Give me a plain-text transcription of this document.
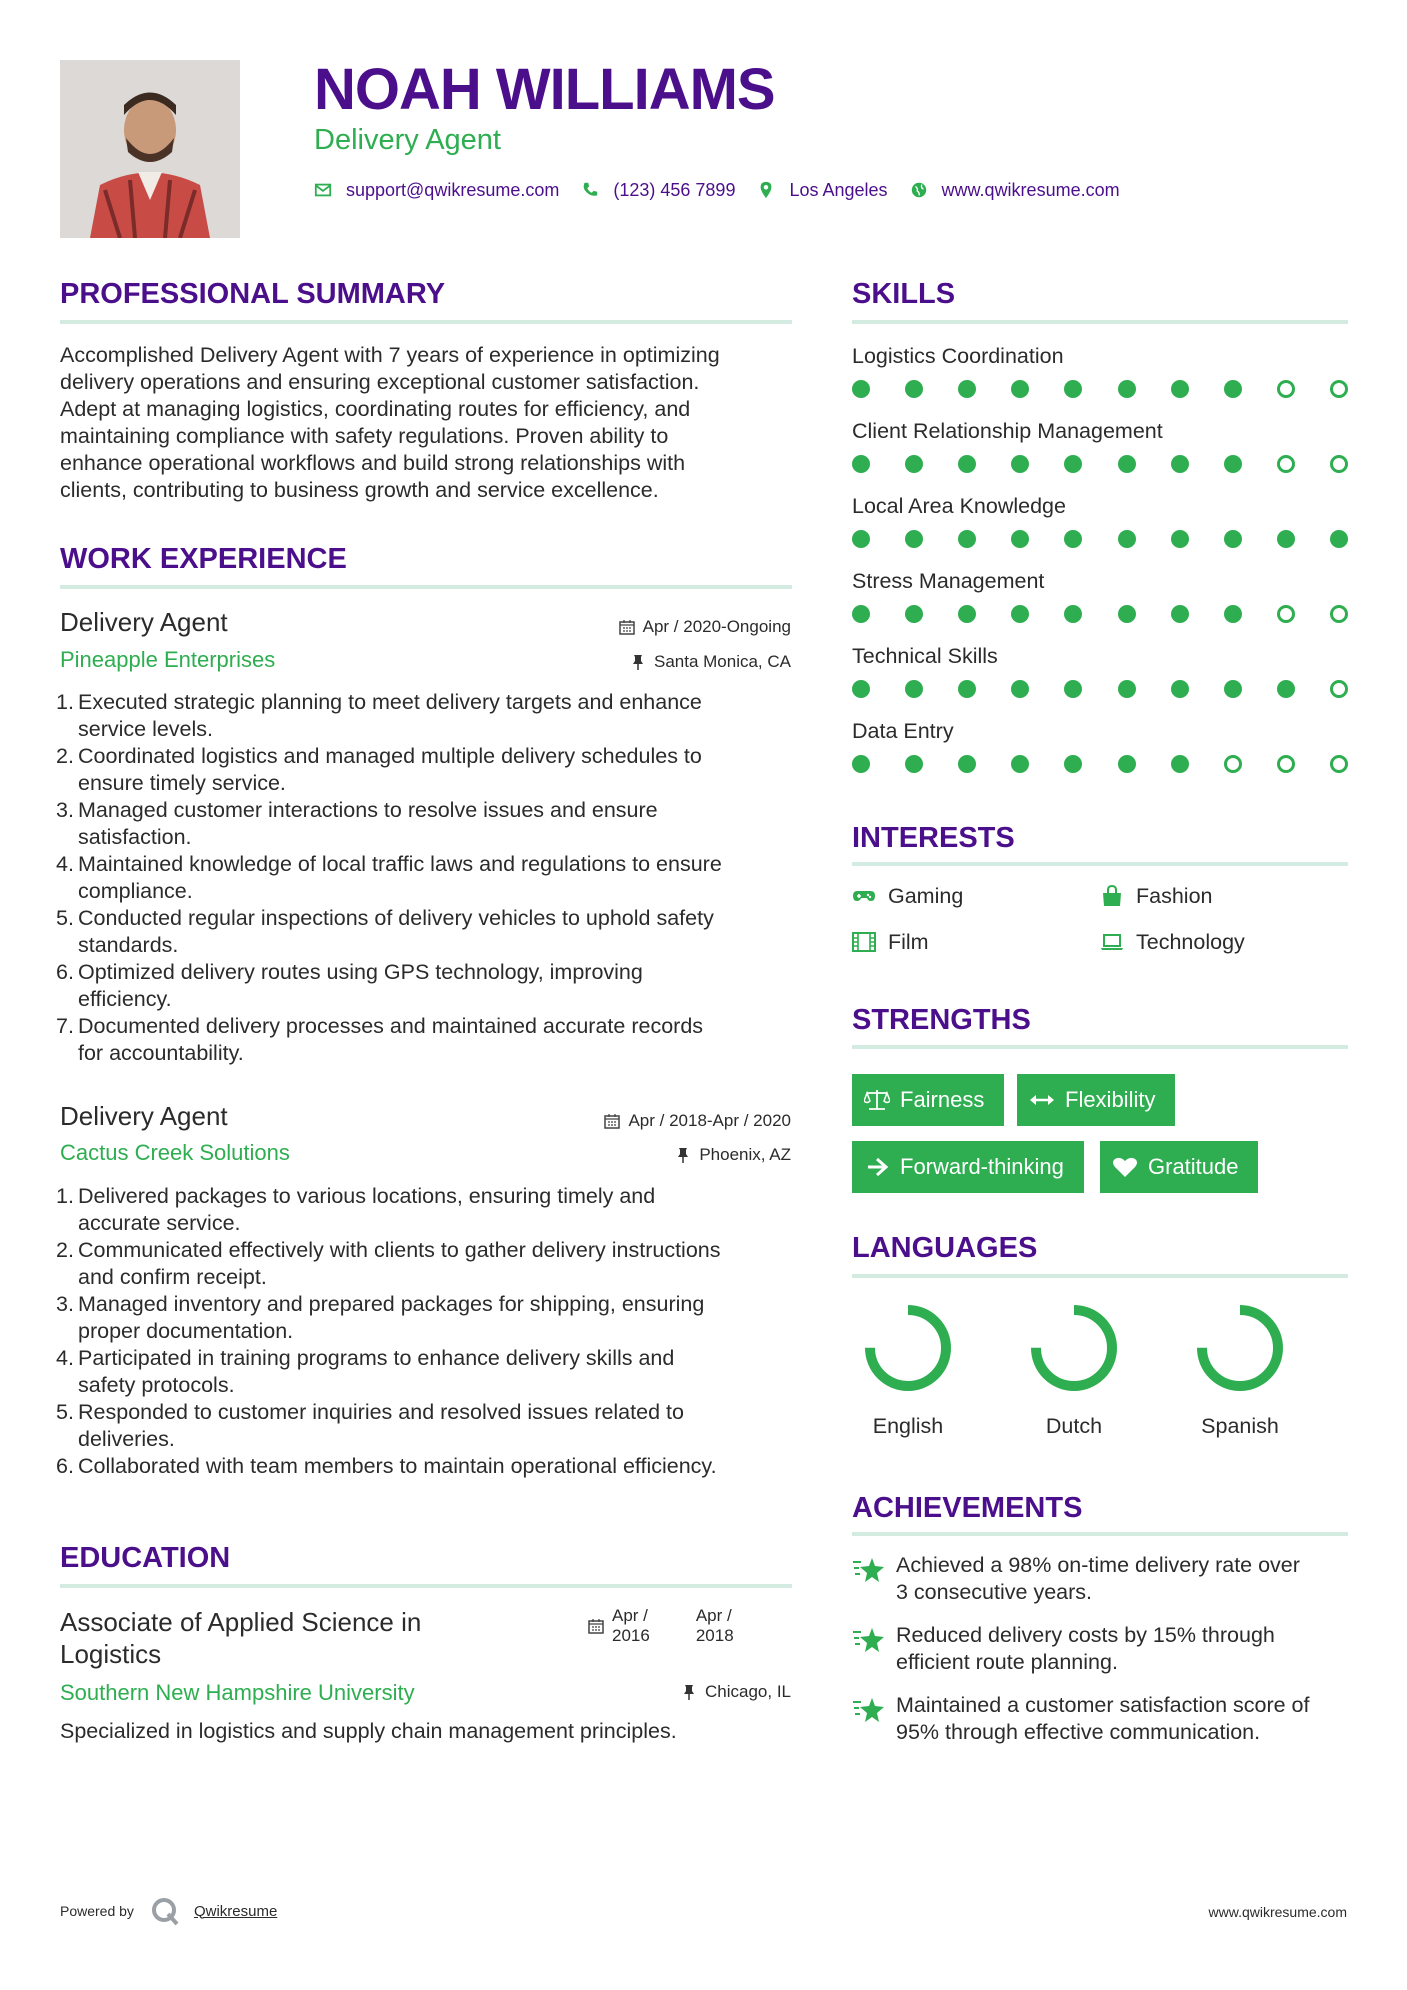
NOAH WILLIAMS
Delivery Agent
support@qwikresume.com	(123) 456 7899	Los Angeles	www.qwikresume.com
PROFESSIONAL SUMMARY
Accomplished Delivery Agent with 7 years of experience in optimizing
delivery operations and ensuring exceptional customer satisfaction.
Adept at managing logistics, coordinating routes for efficiency, and
maintaining compliance with safety regulations. Proven ability to
enhance operational workflows and build strong relationships with
clients, contributing to business growth and service excellence.
WORK EXPERIENCE
Delivery Agent
Pineapple Enterprises
Apr / 2020-Ongoing
Santa Monica, CA
1. Executed strategic planning to meet delivery targets and enhance
service levels.
2. Coordinated logistics and managed multiple delivery schedules to
ensure timely service.
3. Managed customer interactions to resolve issues and ensure
satisfaction.
4. Maintained knowledge of local traffic laws and regulations to ensure
compliance.
5. Conducted regular inspections of delivery vehicles to uphold safety
standards.
6. Optimized delivery routes using GPS technology, improving
efficiency.
7. Documented delivery processes and maintained accurate records
for accountability.
Delivery Agent
Cactus Creek Solutions
Apr / 2018-Apr / 2020
Phoenix, AZ
1. Delivered packages to various locations, ensuring timely and
accurate service.
2. Communicated effectively with clients to gather delivery instructions
and confirm receipt.
3. Managed inventory and prepared packages for shipping, ensuring
proper documentation.
4. Participated in training programs to enhance delivery skills and
safety protocols.
5. Responded to customer inquiries and resolved issues related to
deliveries.
6. Collaborated with team members to maintain operational efficiency.
EDUCATION
Associate of Applied Science in
Logistics
Apr /
2016
Apr /
2018
Southern New Hampshire University	Chicago, IL
Specialized in logistics and supply chain management principles.
SKILLS
Logistics Coordination
Client Relationship Management
Local Area Knowledge
Stress Management
Technical Skills
Data Entry
INTERESTS
Gaming	Fashion
Film	Technology
STRENGTHS
Fairness	Flexibility
Forward-thinking	Gratitude
LANGUAGES
English	Dutch	Spanish
ACHIEVEMENTS
Achieved a 98% on-time delivery rate over
3 consecutive years.
Reduced delivery costs by 15% through
efficient route planning.
Maintained a customer satisfaction score of
95% through effective communication.
Powered by	Qwikresume	www.qwikresume.com
